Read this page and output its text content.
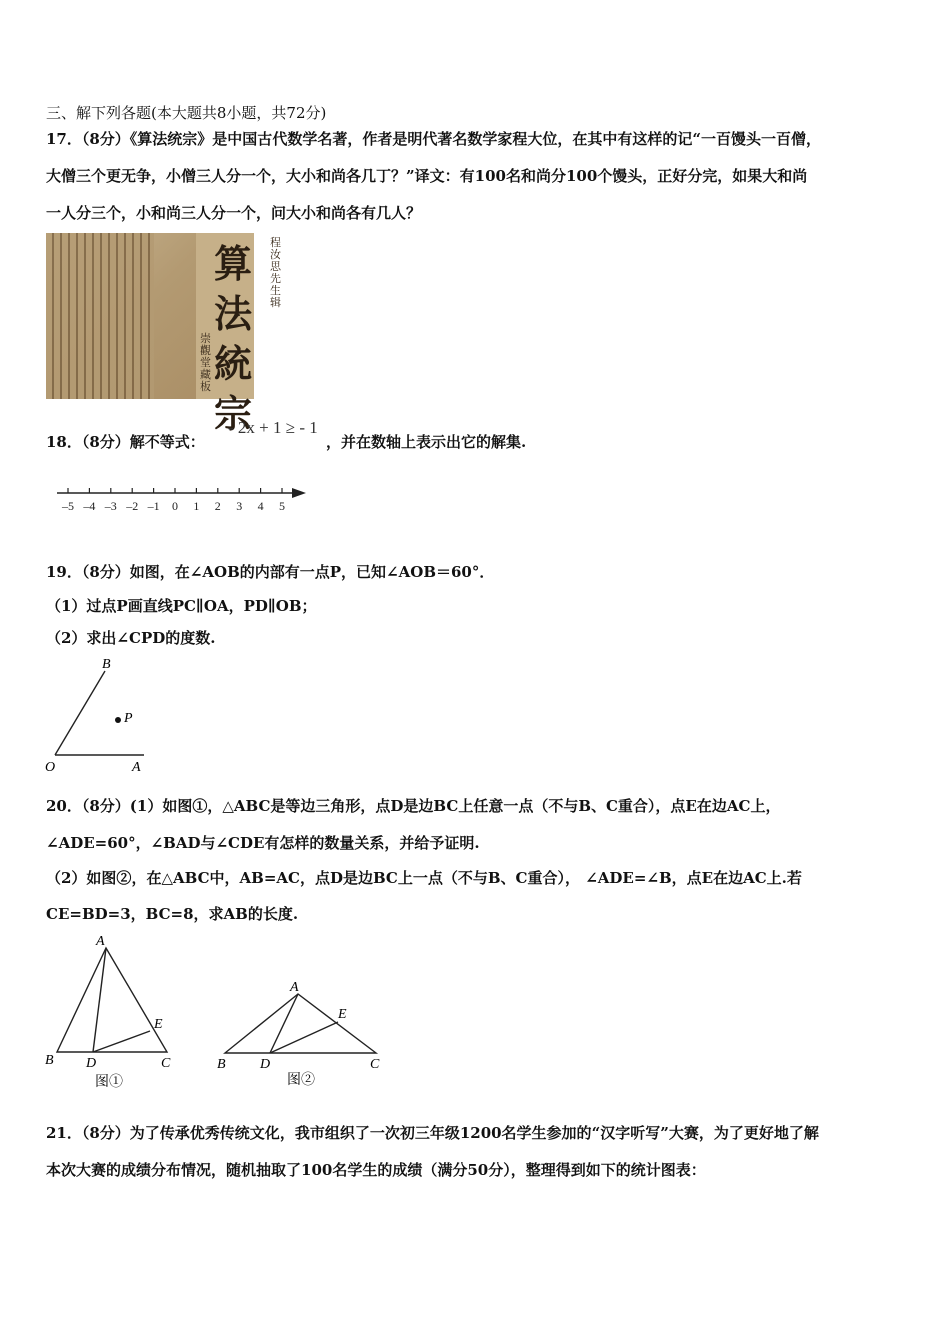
三、解下列各题(本大题共8小题，共72分)
17．（8分）《算法统宗》是中国古代数学名著，作者是明代著名数学家程大位，在其中有这样的记“一百馒头一百僧，
大僧三个更无争，小僧三人分一个，大小和尚各几丁？”译文：有100名和尚分100个馒头，正好分完，如果大和尚
一人分三个，小和尚三人分一个，问大小和尚各有几人？
算法統宗
崇觀堂藏板
程汝思先生辑
18．（8分）解不等式：
- 2x + 1 ≥ - 1
，并在数轴上表示出它的解集.
–5 –4 –3 –2 –1 0 1 2 3 4 5
19．（8分）如图，在∠AOB的内部有一点P，已知∠AOB＝60°．
（1）过点P画直线PC∥OA，PD∥OB；
（2）求出∠CPD的度数.
B
P
O	A
20．（8分）(1）如图①，△ABC是等边三角形，点D是边BC上任意一点（不与B、C重合），点E在边AC上，
∠ADE=60°，∠BAD与∠CDE有怎样的数量关系，并给予证明.
（2）如图②，在△ABC中，AB=AC，点D是边BC上一点（不与B、C重合）， ∠ADE=∠B，点E在边AC上.若
CE=BD=3，BC=8，求AB的长度.
A
B	C
D
E
图①
A
B	C
D
E
图②
21．（8分）为了传承优秀传统文化，我市组织了一次初三年级1200名学生参加的“汉字听写”大赛，为了更好地了解
本次大赛的成绩分布情况，随机抽取了100名学生的成绩（满分50分），整理得到如下的统计图表：
